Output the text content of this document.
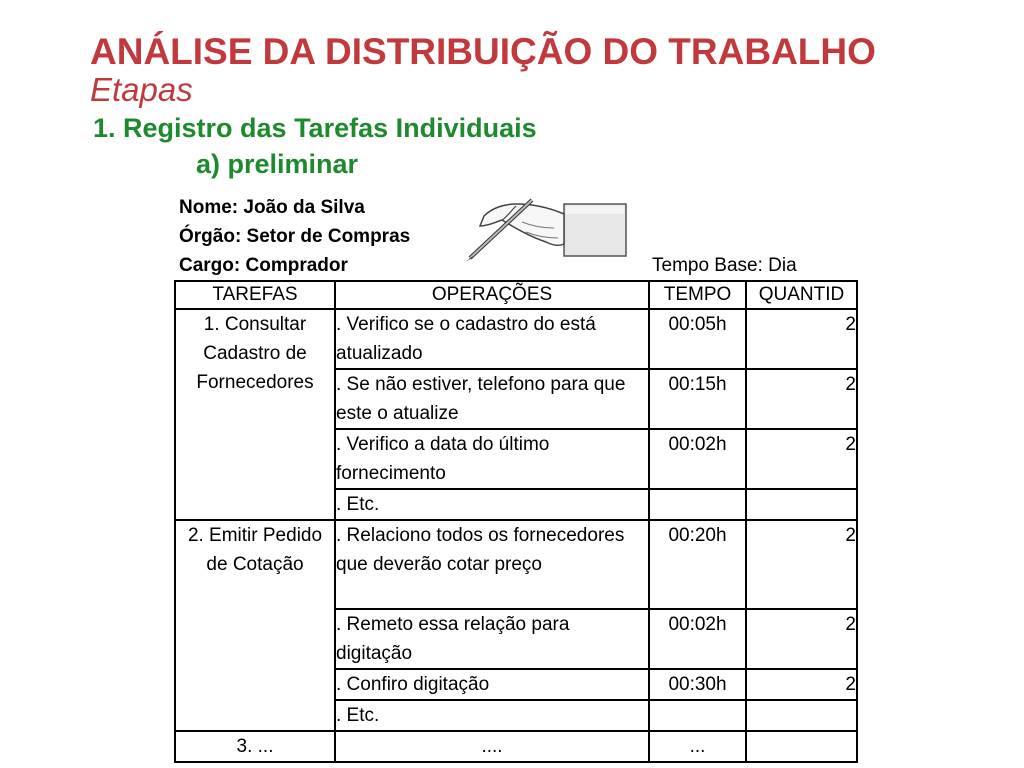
ANÁLISE DA DISTRIBUIÇÃO DO TRABALHO
Etapas
1. Registro das Tarefas Individuais
a) preliminar
Nome: João da Silva
Órgão: Setor de Compras
Cargo: Comprador	Tempo Base: Dia
TAREFAS	OPERAÇÕES	TEMPO	QUANTID
1. Consultar Cadastro de Fornecedores	. Verifico se o cadastro do está atualizado	00:05h	2
	. Se não estiver, telefono para que este o atualize	00:15h	2
	. Verifico a data do último fornecimento	00:02h	2
	. Etc.		
2. Emitir Pedido de Cotação	. Relaciono todos os fornecedores que deverão cotar preço	00:20h	2
	. Remeto essa relação para digitação	00:02h	2
	. Confiro digitação	00:30h	2
	. Etc.		
3. ...	....	...	
